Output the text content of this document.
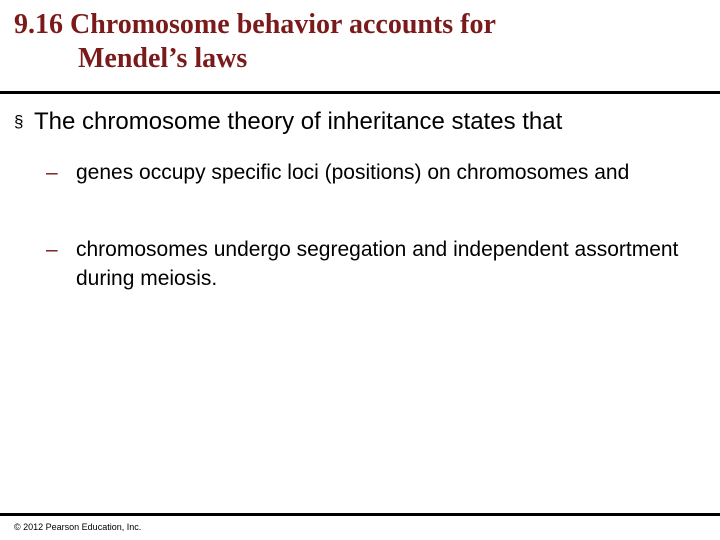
9.16 Chromosome behavior accounts for
Mendel’s laws
§ The chromosome theory of inheritance states that
– genes occupy specific loci (positions) on chromosomes and
– chromosomes undergo segregation and independent assortment during meiosis.
© 2012 Pearson Education, Inc.
